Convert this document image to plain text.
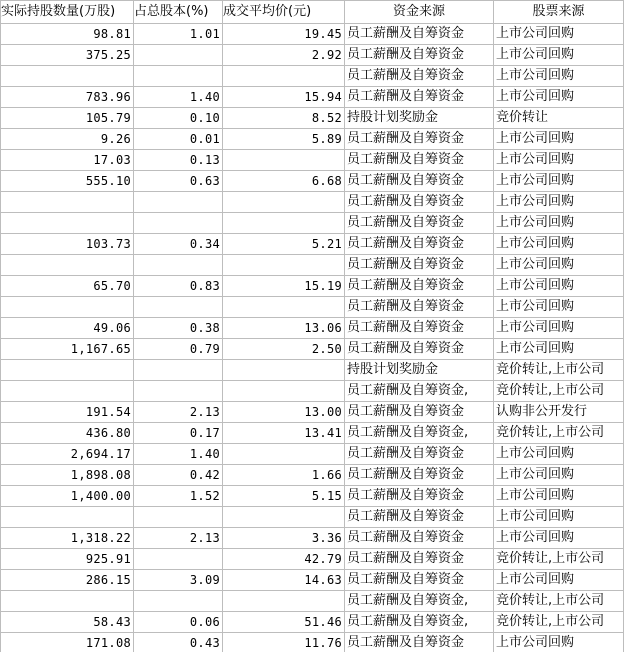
实际持股数量(万股)	占总股本(%)	成交平均价(元)	资金来源	股票来源
98.81	1.01	19.45	员工薪酬及自筹资金	上市公司回购
375.25		2.92	员工薪酬及自筹资金	上市公司回购
			员工薪酬及自筹资金	上市公司回购
783.96	1.40	15.94	员工薪酬及自筹资金	上市公司回购
105.79	0.10	8.52	持股计划奖励金	竞价转让
9.26	0.01	5.89	员工薪酬及自筹资金	上市公司回购
17.03	0.13		员工薪酬及自筹资金	上市公司回购
555.10	0.63	6.68	员工薪酬及自筹资金	上市公司回购
			员工薪酬及自筹资金	上市公司回购
			员工薪酬及自筹资金	上市公司回购
103.73	0.34	5.21	员工薪酬及自筹资金	上市公司回购
			员工薪酬及自筹资金	上市公司回购
65.70	0.83	15.19	员工薪酬及自筹资金	上市公司回购
			员工薪酬及自筹资金	上市公司回购
49.06	0.38	13.06	员工薪酬及自筹资金	上市公司回购
1,167.65	0.79	2.50	员工薪酬及自筹资金	上市公司回购
			持股计划奖励金	竞价转让,上市公司
			员工薪酬及自筹资金,	竞价转让,上市公司
191.54	2.13	13.00	员工薪酬及自筹资金	认购非公开发行
436.80	0.17	13.41	员工薪酬及自筹资金,	竞价转让,上市公司
2,694.17	1.40		员工薪酬及自筹资金	上市公司回购
1,898.08	0.42	1.66	员工薪酬及自筹资金	上市公司回购
1,400.00	1.52	5.15	员工薪酬及自筹资金	上市公司回购
			员工薪酬及自筹资金	上市公司回购
1,318.22	2.13	3.36	员工薪酬及自筹资金	上市公司回购
925.91		42.79	员工薪酬及自筹资金	竞价转让,上市公司
286.15	3.09	14.63	员工薪酬及自筹资金	上市公司回购
			员工薪酬及自筹资金,	竞价转让,上市公司
58.43	0.06	51.46	员工薪酬及自筹资金,	竞价转让,上市公司
171.08	0.43	11.76	员工薪酬及自筹资金	上市公司回购
